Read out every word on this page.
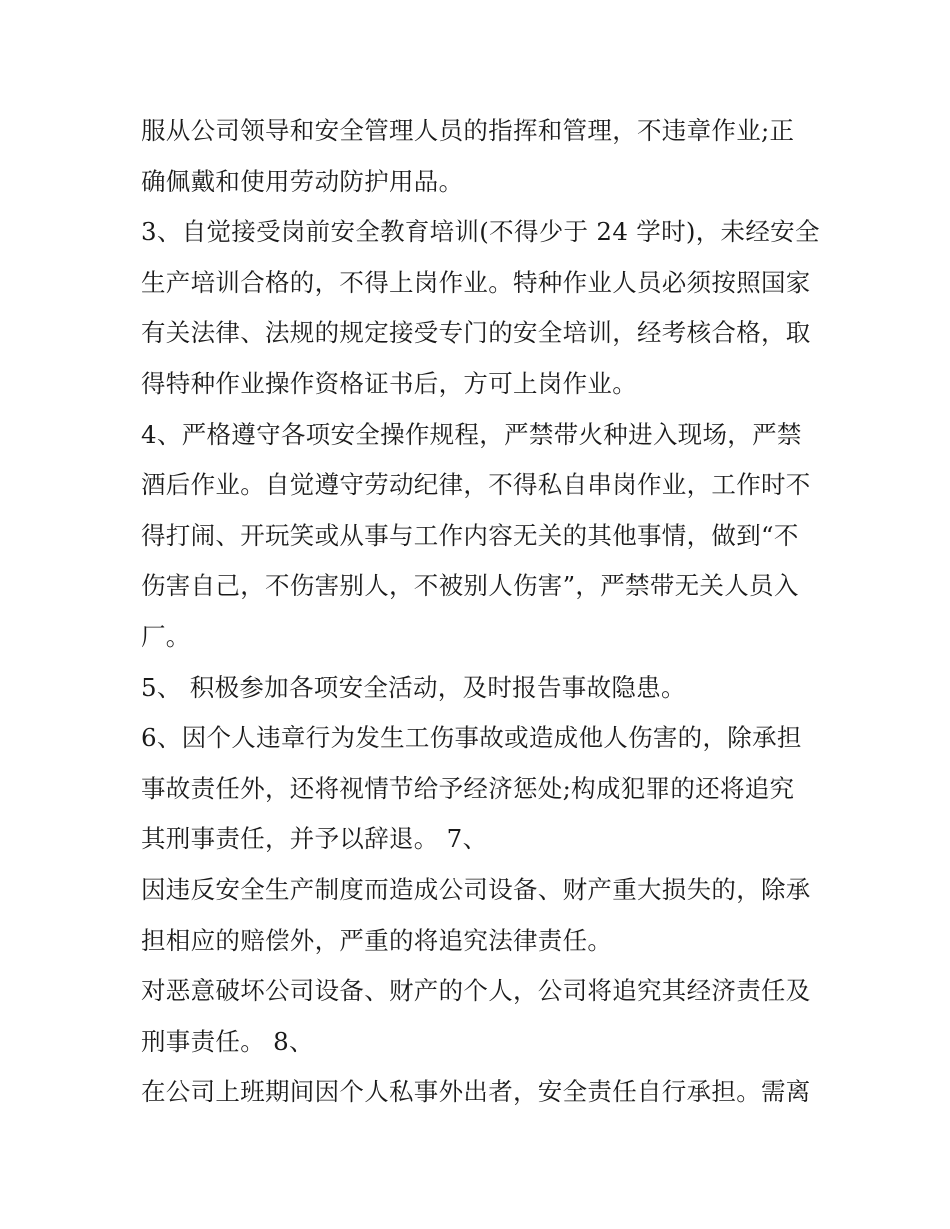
服从公司领导和安全管理人员的指挥和管理，不违章作业;正
确佩戴和使用劳动防护用品。
3、自觉接受岗前安全教育培训(不得少于 24 学时)，未经安全
生产培训合格的，不得上岗作业。特种作业人员必须按照国家
有关法律、法规的规定接受专门的安全培训，经考核合格，取
得特种作业操作资格证书后，方可上岗作业。
4、严格遵守各项安全操作规程，严禁带火种进入现场，严禁
酒后作业。自觉遵守劳动纪律，不得私自串岗作业，工作时不
得打闹、开玩笑或从事与工作内容无关的其他事情，做到“不
伤害自己，不伤害别人，不被别人伤害”，严禁带无关人员入
厂。
5、 积极参加各项安全活动，及时报告事故隐患。
6、因个人违章行为发生工伤事故或造成他人伤害的，除承担
事故责任外，还将视情节给予经济惩处;构成犯罪的还将追究
其刑事责任，并予以辞退。 7、
因违反安全生产制度而造成公司设备、财产重大损失的，除承
担相应的赔偿外，严重的将追究法律责任。
对恶意破坏公司设备、财产的个人，公司将追究其经济责任及
刑事责任。 8、
在公司上班期间因个人私事外出者，安全责任自行承担。需离
